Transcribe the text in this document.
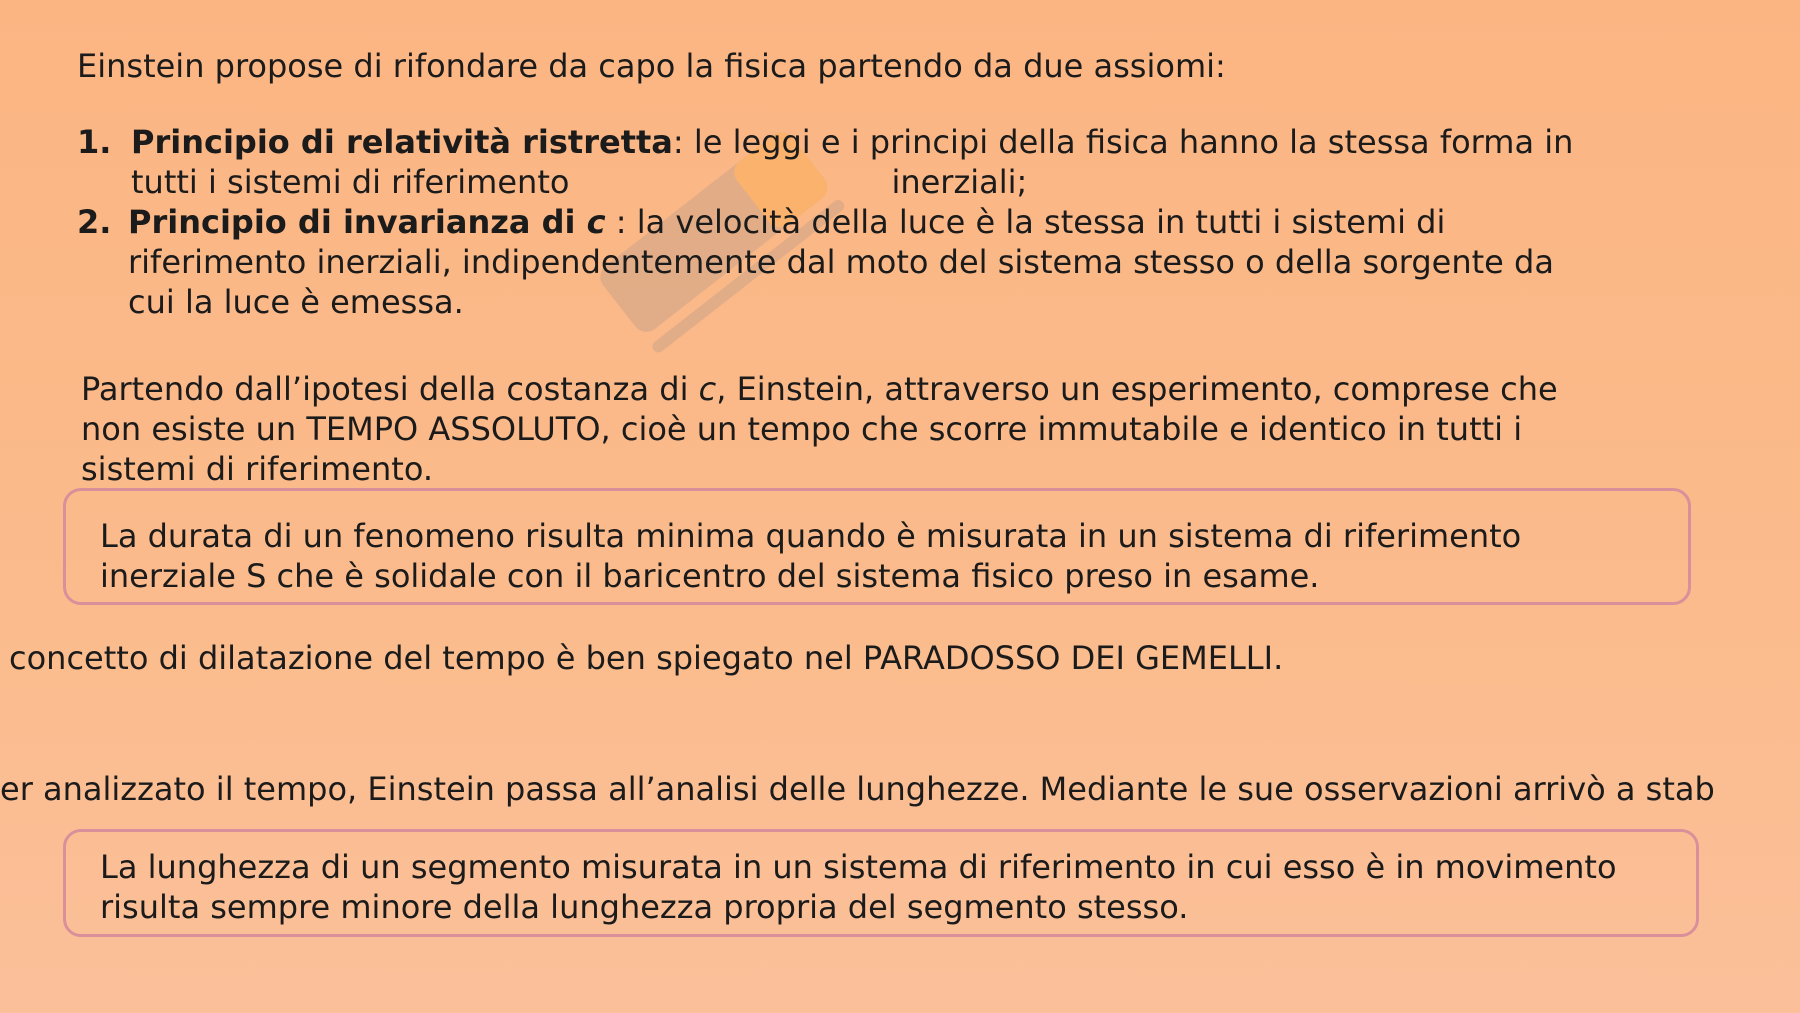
Einstein propose di rifondare da capo la fisica partendo da due assiomi:
1. Principio di relatività ristretta: le leggi e i principi della fisica hanno la stessa forma in
tutti i sistemi di riferimento	inerziali;
2. Principio di invarianza di c : la velocità della luce è la stessa in tutti i sistemi di
riferimento inerziali, indipendentemente dal moto del sistema stesso o della sorgente da
cui la luce è emessa.
Partendo dall’ipotesi della costanza di c, Einstein, attraverso un esperimento, comprese che
non esiste un TEMPO ASSOLUTO, cioè un tempo che scorre immutabile e identico in tutti i
sistemi di riferimento.
La durata di un fenomeno risulta minima quando è misurata in un sistema di riferimento
inerziale S che è solidale con il baricentro del sistema fisico preso in esame.
concetto di dilatazione del tempo è ben spiegato nel PARADOSSO DEI GEMELLI.
er analizzato il tempo, Einstein passa all’analisi delle lunghezze. Mediante le sue osservazioni arrivò a stab
La lunghezza di un segmento misurata in un sistema di riferimento in cui esso è in movimento
risulta sempre minore della lunghezza propria del segmento stesso.
